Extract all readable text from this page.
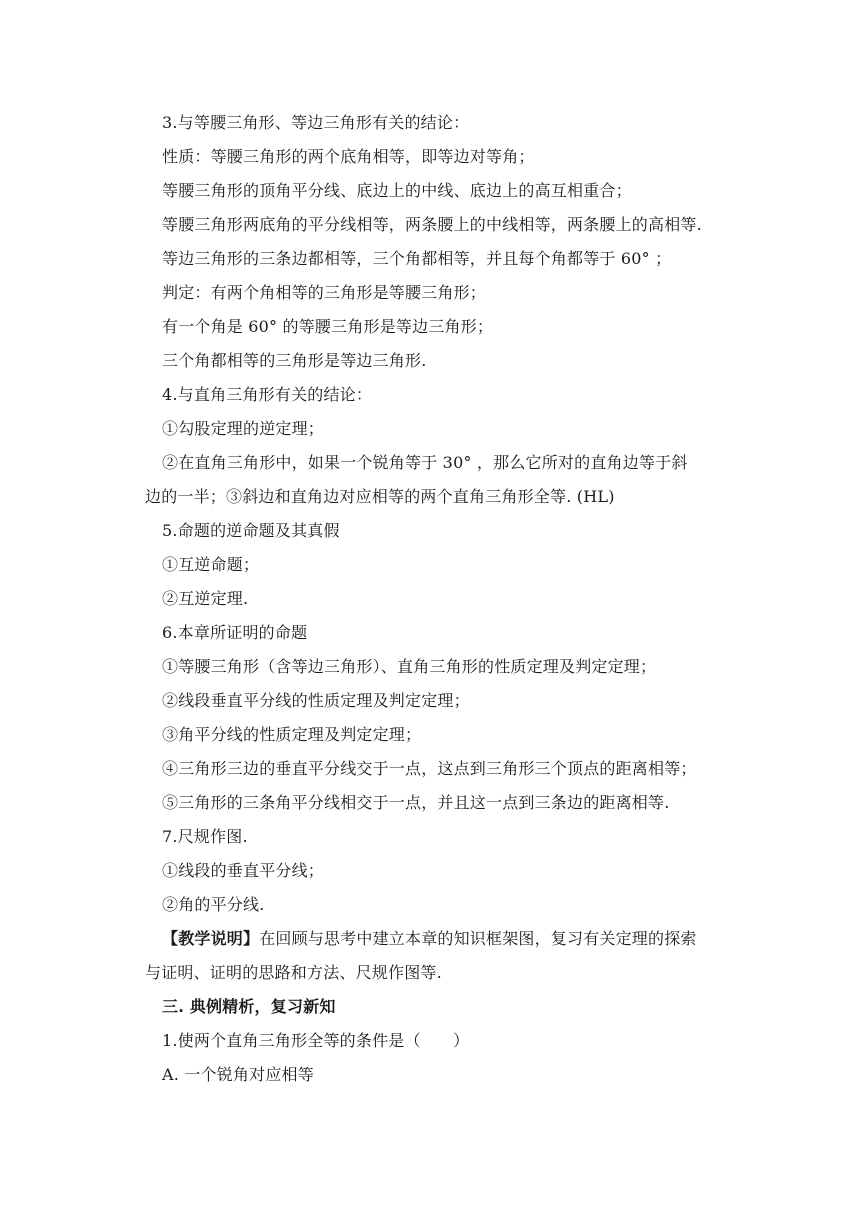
3.与等腰三角形、等边三角形有关的结论：
性质：等腰三角形的两个底角相等，即等边对等角；
等腰三角形的顶角平分线、底边上的中线、底边上的高互相重合；
等腰三角形两底角的平分线相等，两条腰上的中线相等，两条腰上的高相等.
等边三角形的三条边都相等，三个角都相等，并且每个角都等于 60° ；
判定：有两个角相等的三角形是等腰三角形；
有一个角是 60° 的等腰三角形是等边三角形；
三个角都相等的三角形是等边三角形.
4.与直角三角形有关的结论：
①勾股定理的逆定理；
②在直角三角形中，如果一个锐角等于 30° ，那么它所对的直角边等于斜
边的一半；③斜边和直角边对应相等的两个直角三角形全等. (HL)
5.命题的逆命题及其真假
①互逆命题；
②互逆定理.
6.本章所证明的命题
①等腰三角形（含等边三角形）、直角三角形的性质定理及判定定理；
②线段垂直平分线的性质定理及判定定理；
③角平分线的性质定理及判定定理；
④三角形三边的垂直平分线交于一点，这点到三角形三个顶点的距离相等；
⑤三角形的三条角平分线相交于一点，并且这一点到三条边的距离相等.
7.尺规作图.
①线段的垂直平分线；
②角的平分线.
【教学说明】在回顾与思考中建立本章的知识框架图，复习有关定理的探索
与证明、证明的思路和方法、尺规作图等.
三. 典例精析，复习新知
1.使两个直角三角形全等的条件是（　　）
A. 一个锐角对应相等
